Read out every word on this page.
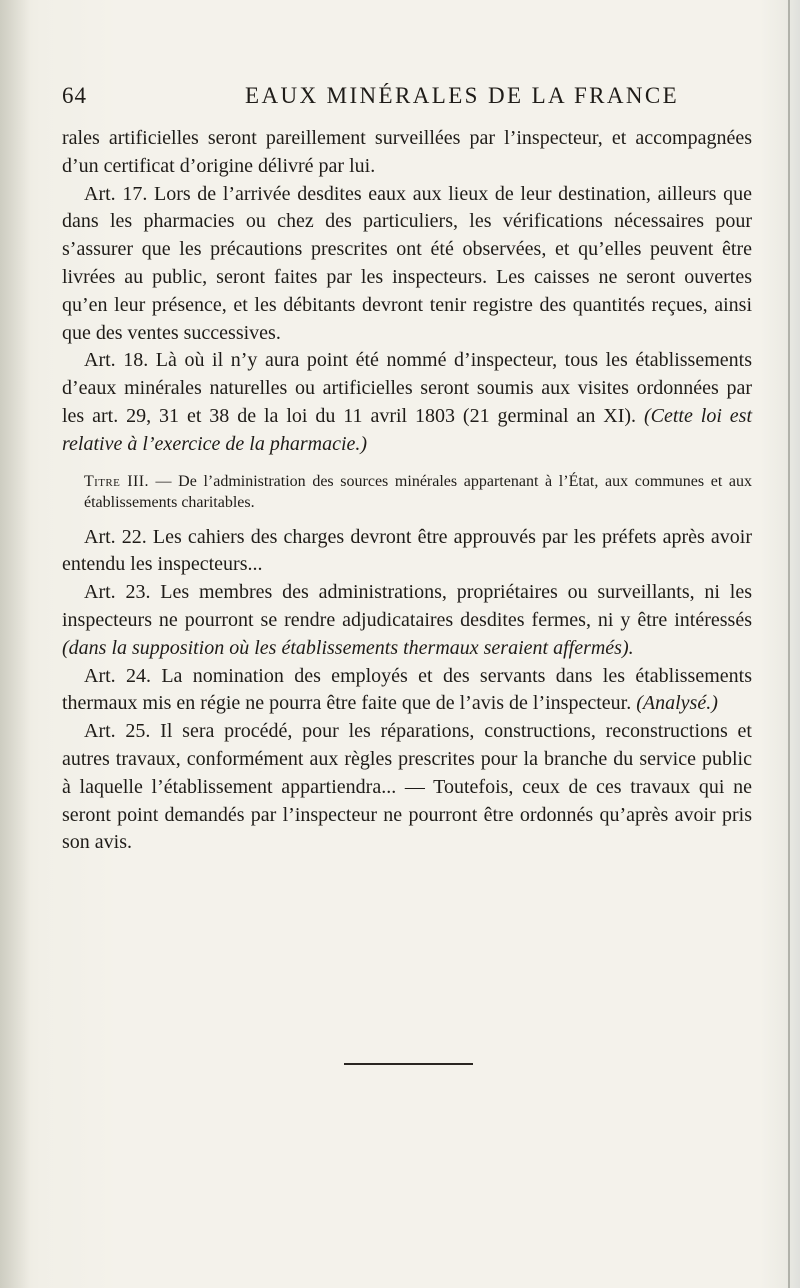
64	EAUX MINÉRALES DE LA FRANCE

rales artificielles seront pareillement surveillées par l’inspecteur, et accompagnées d’un certificat d’origine délivré par lui.

Art. 17. Lors de l’arrivée desdites eaux aux lieux de leur destination, ailleurs que dans les pharmacies ou chez des particuliers, les vérifications nécessaires pour s’assurer que les précautions prescrites ont été observées, et qu’elles peuvent être livrées au public, seront faites par les inspecteurs. Les caisses ne seront ouvertes qu’en leur présence, et les débitants devront tenir registre des quantités reçues, ainsi que des ventes successives.

Art. 18. Là où il n’y aura point été nommé d’inspecteur, tous les établissements d’eaux minérales naturelles ou artificielles seront soumis aux visites ordonnées par les art. 29, 31 et 38 de la loi du 11 avril 1803 (21 germinal an XI). (Cette loi est relative à l’exercice de la pharmacie.)

Titre III. — De l’administration des sources minérales appartenant à l’État, aux communes et aux établissements charitables.

Art. 22. Les cahiers des charges devront être approuvés par les préfets après avoir entendu les inspecteurs...

Art. 23. Les membres des administrations, propriétaires ou surveillants, ni les inspecteurs ne pourront se rendre adjudicataires desdites fermes, ni y être intéressés (dans la supposition où les établissements thermaux seraient affermés).

Art. 24. La nomination des employés et des servants dans les établissements thermaux mis en régie ne pourra être faite que de l’avis de l’inspecteur. (Analysé.)

Art. 25. Il sera procédé, pour les réparations, constructions, reconstructions et autres travaux, conformément aux règles prescrites pour la branche du service public à laquelle l’établissement appartiendra... — Toutefois, ceux de ces travaux qui ne seront point demandés par l’inspecteur ne pourront être ordonnés qu’après avoir pris son avis.
